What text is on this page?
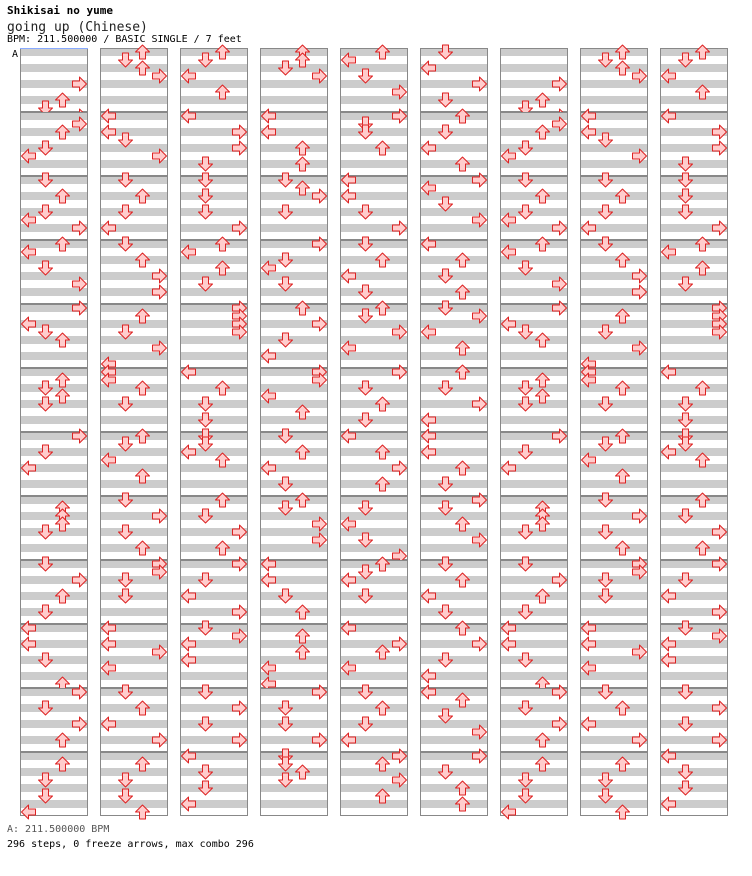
Shikisai no yume
going up (Chinese)
BPM: 211.500000 / BASIC SINGLE / 7 feet
A
A: 211.500000 BPM
296 steps, 0 freeze arrows, max combo 296
